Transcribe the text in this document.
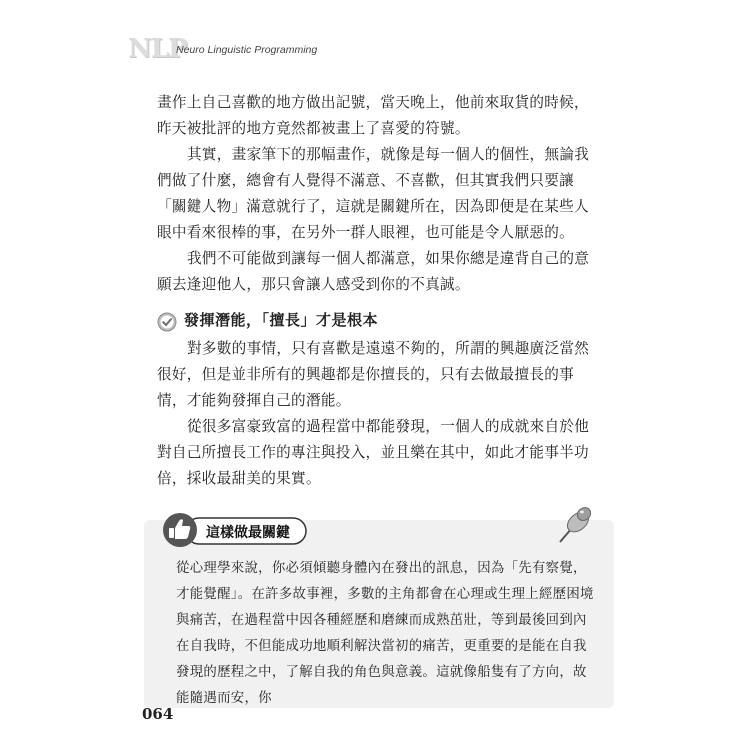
NLP
Neuro Linguistic Programming

畫作上自己喜歡的地方做出記號，當天晚上，他前來取貨的時候，昨天被批評的地方竟然都被畫上了喜愛的符號。

其實，畫家筆下的那幅畫作，就像是每一個人的個性，無論我們做了什麼，總會有人覺得不滿意、不喜歡，但其實我們只要讓「關鍵人物」滿意就行了，這就是關鍵所在，因為即便是在某些人眼中看來很棒的事，在另外一群人眼裡，也可能是令人厭惡的。

我們不可能做到讓每一個人都滿意，如果你總是違背自己的意願去逢迎他人，那只會讓人感受到你的不真誠。

發揮潛能，「擅長」才是根本

對多數的事情，只有喜歡是遠遠不夠的，所謂的興趣廣泛當然很好，但是並非所有的興趣都是你擅長的，只有去做最擅長的事情，才能夠發揮自己的潛能。

從很多富豪致富的過程當中都能發現，一個人的成就來自於他對自己所擅長工作的專注與投入，並且樂在其中，如此才能事半功倍，採收最甜美的果實。

這樣做最關鍵

從心理學來說，你必須傾聽身體內在發出的訊息，因為「先有察覺，才能覺醒」。在許多故事裡，多數的主角都會在心理或生理上經歷困境與痛苦，在過程當中因各種經歷和磨練而成熟茁壯，等到最後回到內在自我時，不但能成功地順利解決當初的痛苦，更重要的是能在自我發現的歷程之中，了解自我的角色與意義。這就像船隻有了方向，故能隨遇而安，你

064
